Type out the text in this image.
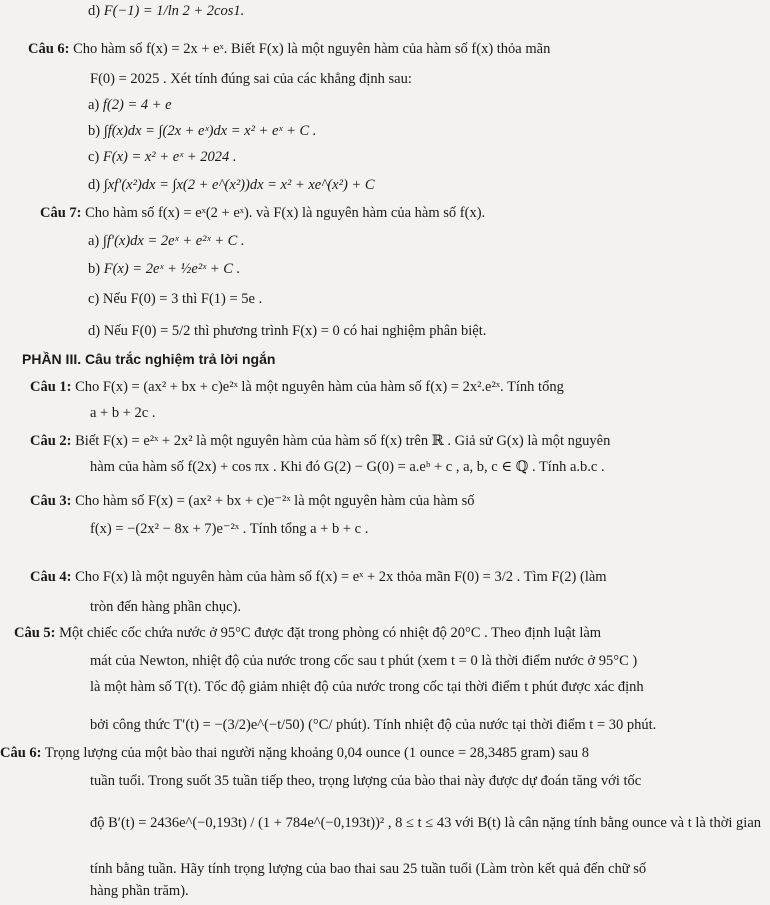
d) F(−1) = 1/ln 2 + 2cos1.
Câu 6: Cho hàm số f(x) = 2x + eˣ. Biết F(x) là một nguyên hàm của hàm số f(x) thỏa mãn
F(0) = 2025 . Xét tính đúng sai của các khẳng định sau:
a) f(2) = 4 + e
b) ∫f(x)dx = ∫(2x + eˣ)dx = x² + eˣ + C .
c) F(x) = x² + eˣ + 2024 .
d) ∫xf′(x²)dx = ∫x(2 + e^(x²))dx = x² + xe^(x²) + C
Câu 7: Cho hàm số f(x) = eˣ(2 + eˣ). và F(x) là nguyên hàm của hàm số f(x).
a) ∫f′(x)dx = 2eˣ + e²ˣ + C .
b) F(x) = 2eˣ + ½e²ˣ + C .
c) Nếu F(0) = 3 thì F(1) = 5e .
d) Nếu F(0) = 5/2 thì phương trình F(x) = 0 có hai nghiệm phân biệt.
PHẦN III. Câu trắc nghiệm trả lời ngắn
Câu 1: Cho F(x) = (ax² + bx + c)e²ˣ là một nguyên hàm của hàm số f(x) = 2x².e²ˣ. Tính tổng
a + b + 2c .
Câu 2: Biết F(x) = e²ˣ + 2x² là một nguyên hàm của hàm số f(x) trên ℝ . Giả sử G(x) là một nguyên
hàm của hàm số f(2x) + cos πx . Khi đó G(2) − G(0) = a.eᵇ + c , a, b, c ∈ ℚ . Tính a.b.c .
Câu 3: Cho hàm số F(x) = (ax² + bx + c)e⁻²ˣ là một nguyên hàm của hàm số
f(x) = −(2x² − 8x + 7)e⁻²ˣ . Tính tổng a + b + c .
Câu 4: Cho F(x) là một nguyên hàm của hàm số f(x) = eˣ + 2x thỏa mãn F(0) = 3/2 . Tìm F(2) (làm
tròn đến hàng phần chục).
Câu 5: Một chiếc cốc chứa nước ở 95°C được đặt trong phòng có nhiệt độ 20°C . Theo định luật làm
mát của Newton, nhiệt độ của nước trong cốc sau t phút (xem t = 0 là thời điểm nước ở 95°C )
là một hàm số T(t). Tốc độ giảm nhiệt độ của nước trong cốc tại thời điểm t phút được xác định
bởi công thức T′(t) = −(3/2)e^(−t/50) (°C/ phút). Tính nhiệt độ của nước tại thời điểm t = 30 phút.
Câu 6: Trọng lượng của một bào thai người nặng khoảng 0,04 ounce (1 ounce = 28,3485 gram) sau 8
tuần tuổi. Trong suốt 35 tuần tiếp theo, trọng lượng của bào thai này được dự đoán tăng với tốc
độ B′(t) = 2436e^(−0,193t) / (1 + 784e^(−0,193t))² , 8 ≤ t ≤ 43 với B(t) là cân nặng tính bằng ounce và t là thời gian
tính bằng tuần. Hãy tính trọng lượng của bao thai sau 25 tuần tuổi (Làm tròn kết quả đến chữ số
hàng phần trăm).
